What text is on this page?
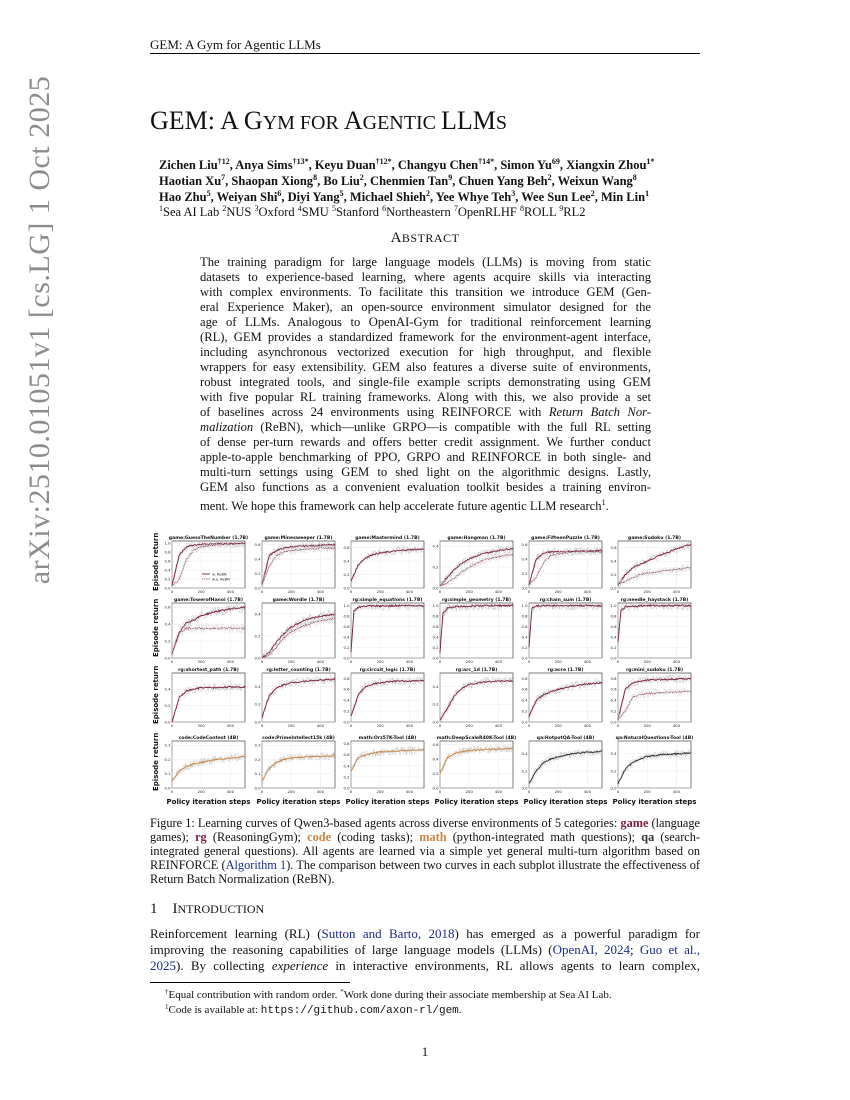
GEM: A Gym for Agentic LLMs
arXiv:2510.01051v1 [cs.LG] 1 Oct 2025	GEM: A GYM FOR AGENTIC LLMS
Zichen Liu$^{\dagger 12}$, Anya Sims$^{\dagger 13*}$, Keyu Duan$^{\dagger 12*}$, Changyu Chen$^{\dagger 14*}$, Simon Yu$^{69}$, Xiangxin Zhou$^{1*}$
Haotian Xu$^7$, Shaopan Xiong$^8$, Bo Liu$^2$, Chenmien Tan$^9$, Chuen Yang Beh$^2$, Weixun Wang$^8$
Hao Zhu$^5$, Weiyan Shi$^6$, Diyi Yang$^5$, Michael Shieh$^2$, Yee Whye Teh$^3$, Wee Sun Lee$^2$, Min Lin$^1$
$^1$Sea AI Lab $^2$NUS $^3$Oxford $^4$SMU $^5$Stanford $^6$Northeastern $^7$OpenRLHF $^8$ROLL $^9$RL2
ABSTRACT
The training paradigm for large language models (LLMs) is moving from static
datasets to experience-based learning, where agents acquire skills via interacting
with complex environments. To facilitate this transition we introduce GEM (Gen-
eral Experience Maker), an open-source environment simulator designed for the
age of LLMs. Analogous to OpenAI-Gym for traditional reinforcement learning
(RL), GEM provides a standardized framework for the environment-agent interface,
including asynchronous vectorized execution for high throughput, and flexible
wrappers for easy extensibility. GEM also features a diverse suite of environments,
robust integrated tools, and single-file example scripts demonstrating using GEM
with five popular RL training frameworks. Along with this, we also provide a set
of baselines across 24 environments using REINFORCE with Return Batch Nor-
malization (ReBN), which—unlike GRPO—is compatible with the full RL setting
of dense per-turn rewards and offers better credit assignment. We further conduct
apple-to-apple benchmarking of PPO, GRPO and REINFORCE in both single- and
multi-turn settings using GEM to shed light on the algorithmic designs. Lastly,
GEM also functions as a convenient evaluation toolkit besides a training environ-
ment. We hope this framework can help accelerate future agentic LLM research$^1$.
game:GuessTheNumber (1.7B)
0.0
0.2
0.4
0.6
0.8
1.0
0	200	400
w. ReBN
w.o. ReBN
game:Minesweeper (1.7B)
0.0
0.2
0.4
0.6
0	200	400
game:Mastermind (1.7B)
0.0
0.2
0.4
0.6
0	200	400
game:Hangman (1.7B)
0.0
0.2
0.4
0	200	400
game:FifteenPuzzle (1.7B)
0.0
0.2
0.4
0.6
0	200	400
game:Sudoku (1.7B)
0.0
0.2
0.4
0.6
0	200	400
game:TowerofHanoi (1.7B)
0.0
0.2
0.4
0.6
0	200	400
game:Wordle (1.7B)
0.0
0.2
0.4
0	200	400
rg:simple_equations (1.7B)
0.0
0.2
0.4
0.6
0.8
1.0
0	200	400
rg:simple_geometry (1.7B)
0.0
0.2
0.4
0.6
0.8
1.0
0	200	400
rg:chain_sum (1.7B)
0.0
0.2
0.4
0.6
0.8
1.0
0	200	400
rg:needle_haystack (1.7B)
0.0
0.2
0.4
0.6
0.8
1.0
0	200	400
rg:shortest_path (1.7B)
0.0
0.2
0.4
0	200	400
rg:letter_counting (1.7B)
0.0
0.2
0.4
0	200	400
rg:circuit_logic (1.7B)
0.0
0.2
0.4
0.6
0.8
0	200	400
rg:arc_1d (1.7B)
0.0
0.2
0.4
0	200	400
rg:acre (1.7B)
0.0
0.2
0.4
0.6
0.8
0	200	400
rg:mini_sudoku (1.7B)
0.0
0.2
0.4
0.6
0.8
0	200	400
code:CodeContest (4B)
0.0
0.1
0.2
0.3
0	200	400
code:PrimeIntellect15k (4B)
0.0
0.1
0.2
0.3
0	200	400
math:Orz57K-Tool (4B)
0.0
0.2
0.4
0.6
0.8
0	200	400
math:DeepScaleR40K-Tool (4B)
0.0
0.2
0.4
0.6
0	200	400
qa:HotpotQA-Tool (4B)
0.0
0.2
0.4
0	200	400
qa:NaturalQuestions-Tool (4B)
0.0
0.2
0.4
0	200	400
Episode return
Episode return
Episode return
Episode return
Policy iteration steps Policy iteration steps Policy iteration steps Policy iteration steps Policy iteration steps Policy iteration steps
Figure 1: Learning curves of Qwen3-based agents across diverse environments of 5 categories: game (language
games); rg (ReasoningGym); code (coding tasks); math (python-integrated math questions); qa (search-
integrated general questions). All agents are learned via a simple yet general multi-turn algorithm based on
REINFORCE (Algorithm 1). The comparison between two curves in each subplot illustrate the effectiveness of
Return Batch Normalization (ReBN).
1 INTRODUCTION
Reinforcement learning (RL) (Sutton and Barto, 2018) has emerged as a powerful paradigm for
improving the reasoning capabilities of large language models (LLMs) (OpenAI, 2024; Guo et al.,
2025). By collecting experience in interactive environments, RL allows agents to learn complex,
†Equal contribution with random order. *Work done during their associate membership at Sea AI Lab.
$^1$Code is available at: https://github.com/axon-rl/gem.
1
